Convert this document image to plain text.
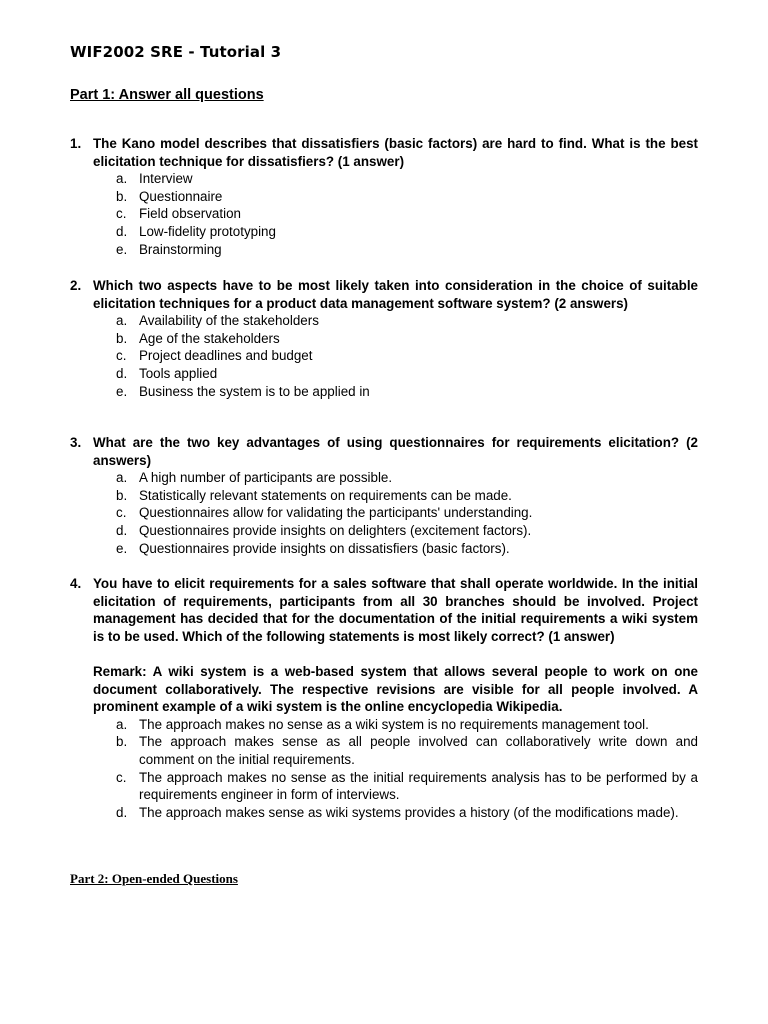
WIF2002 SRE - Tutorial 3
Part 1: Answer all questions
1. The Kano model describes that dissatisfiers (basic factors) are hard to find. What is the best elicitation technique for dissatisfiers? (1 answer)
a. Interview
b. Questionnaire
c. Field observation
d. Low-fidelity prototyping
e. Brainstorming
2. Which two aspects have to be most likely taken into consideration in the choice of suitable elicitation techniques for a product data management software system? (2 answers)
a. Availability of the stakeholders
b. Age of the stakeholders
c. Project deadlines and budget
d. Tools applied
e. Business the system is to be applied in
3. What are the two key advantages of using questionnaires for requirements elicitation? (2 answers)
a. A high number of participants are possible.
b. Statistically relevant statements on requirements can be made.
c. Questionnaires allow for validating the participants' understanding.
d. Questionnaires provide insights on delighters (excitement factors).
e. Questionnaires provide insights on dissatisfiers (basic factors).
4. You have to elicit requirements for a sales software that shall operate worldwide. In the initial elicitation of requirements, participants from all 30 branches should be involved. Project management has decided that for the documentation of the initial requirements a wiki system is to be used. Which of the following statements is most likely correct? (1 answer)
Remark: A wiki system is a web-based system that allows several people to work on one document collaboratively. The respective revisions are visible for all people involved. A prominent example of a wiki system is the online encyclopedia Wikipedia.
a. The approach makes no sense as a wiki system is no requirements management tool.
b. The approach makes sense as all people involved can collaboratively write down and comment on the initial requirements.
c. The approach makes no sense as the initial requirements analysis has to be performed by a requirements engineer in form of interviews.
d. The approach makes sense as wiki systems provides a history (of the modifications made).
Part 2: Open-ended Questions
